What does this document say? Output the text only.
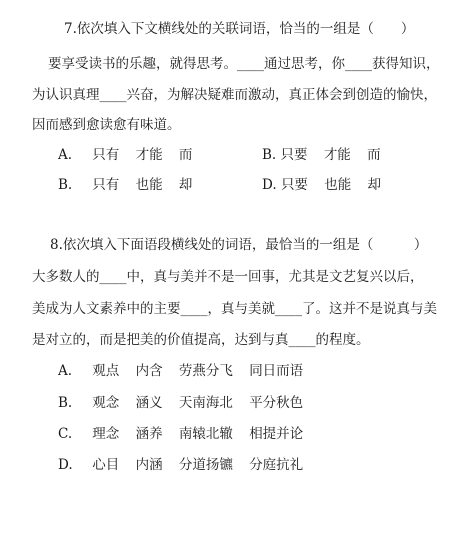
7.依次填入下文横线处的关联词语，恰当的一组是（　　）
要享受读书的乐趣，就得思考。____通过思考，你____获得知识，
为认识真理____兴奋，为解决疑难而激动，真正体会到创造的愉快，
因而感到愈读愈有味道。
A. 只有 才能 而	B. 只要 才能 而
B. 只有 也能 却	D. 只要 也能 却
8.依次填入下面语段横线处的词语，最恰当的一组是（　　　）
大多数人的____中，真与美并不是一回事，尤其是文艺复兴以后，
美成为人文素养中的主要____，真与美就____了。这并不是说真与美
是对立的，而是把美的价值提高，达到与真____的程度。
A. 观点 内含 劳燕分飞 同日而语
B. 观念 涵义 天南海北 平分秋色
C. 理念 涵养 南辕北辙 相提并论
D. 心目 内涵 分道扬镳 分庭抗礼
